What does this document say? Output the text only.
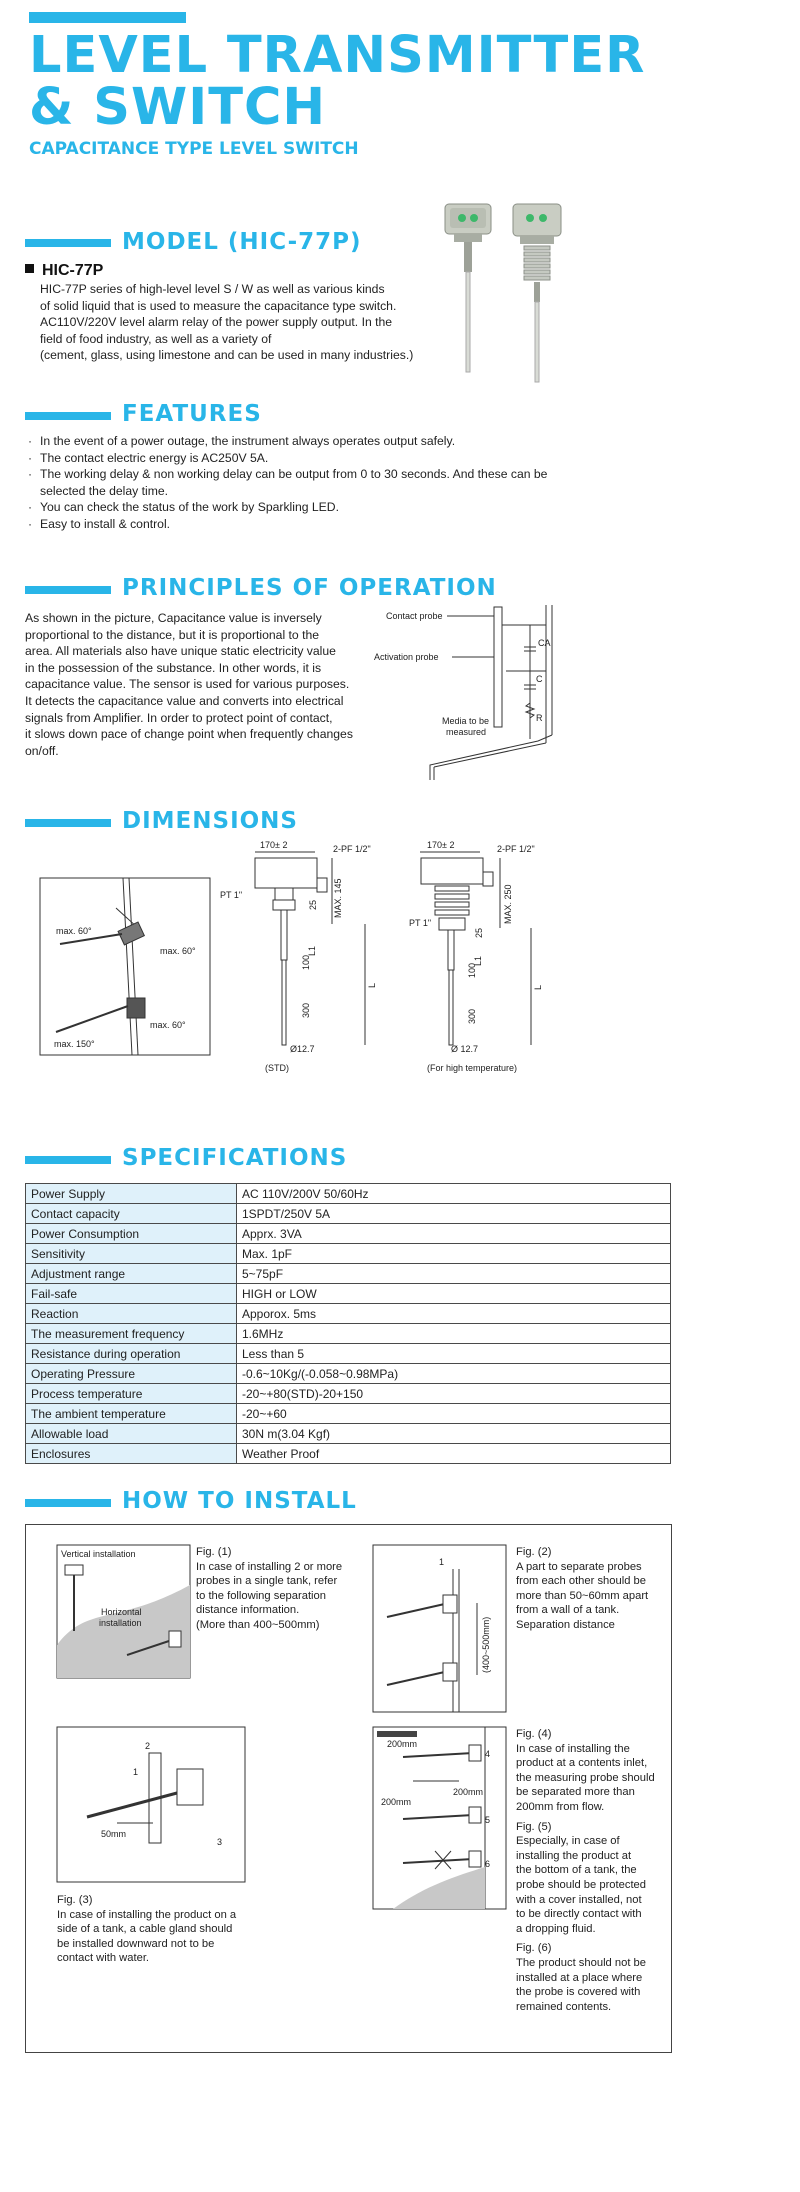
LEVEL TRANSMITTER
& SWITCH
CAPACITANCE TYPE LEVEL SWITCH
MODEL (HIC-77P)
HIC-77P
HIC-77P series of high-level level S / W as well as various kinds
of solid liquid that is used to measure the capacitance type switch.
AC110V/220V level alarm relay of the power supply output. In the
field of food industry, as well as a variety of
(cement, glass, using limestone and can be used in many industries.)
FEATURES
· In the event of a power outage, the instrument always operates output safely.
· The contact electric energy is AC250V 5A.
· The working delay & non working delay can be output from 0 to 30 seconds. And these can be selected the delay time.
· You can check the status of the work by Sparkling LED.
· Easy to install & control.
PRINCIPLES OF OPERATION
As shown in the picture, Capacitance value is inversely
proportional to the distance, but it is proportional to the
area. All materials also have unique static electricity value
in the possession of the substance. In other words, it is
capacitance value. The sensor is used for various purposes.
It detects the capacitance value and converts into electrical
signals from Amplifier. In order to protect point of contact,
it slows down pace of change point when frequently changes
on/off.
Contact probe
Activation probe
Media to be
measured
CA
C
R
DIMENSIONS
max. 60°
max. 60°
max. 60°
max. 150°
170± 2	2-PF 1/2"
PT 1"	MAX. 145
25
100
L1
300
L
Ø12.7
(STD)
170± 2	2-PF 1/2"
PT 1"	MAX. 250
25
100
L1
300
L
Ø 12.7
(For high temperature)
SPECIFICATIONS
Power Supply	AC 110V/200V 50/60Hz
Contact capacity	1SPDT/250V 5A
Power Consumption	Apprx. 3VA
Sensitivity	Max. 1pF
Adjustment range	5~75pF
Fail-safe	HIGH or LOW
Reaction	Apporox. 5ms
The measurement frequency	1.6MHz
Resistance during operation	Less than 5
Operating Pressure	-0.6~10Kg/(-0.058~0.98MPa)
Process temperature	-20~+80(STD)-20+150
The ambient temperature	-20~+60
Allowable load	30N m(3.04 Kgf)
Enclosures	Weather Proof
HOW TO INSTALL
Vertical installation
Horizontal
installation
Fig. (1)
In case of installing 2 or more
probes in a single tank, refer
to the following separation
distance information.
(More than 400~500mm)
1
(400~500mm)
Fig. (2)
A part to separate probes
from each other should be
more than 50~60mm apart
from a wall of a tank.
Separation distance
2
1
3
50mm
Fig. (3)
In case of installing the product on a
side of a tank, a cable gland should
be installed downward not to be
contact with water.
200mm
4
200mm
200mm
5
6
Fig. (4)
In case of installing the
product at a contents inlet,
the measuring probe should
be separated more than
200mm from flow.
Fig. (5)
Especially, in case of
installing the product at
the bottom of a tank, the
probe should be protected
with a cover installed, not
to be directly contact with
a dropping fluid.
Fig. (6)
The product should not be
installed at a place where
the probe is covered with
remained contents.
